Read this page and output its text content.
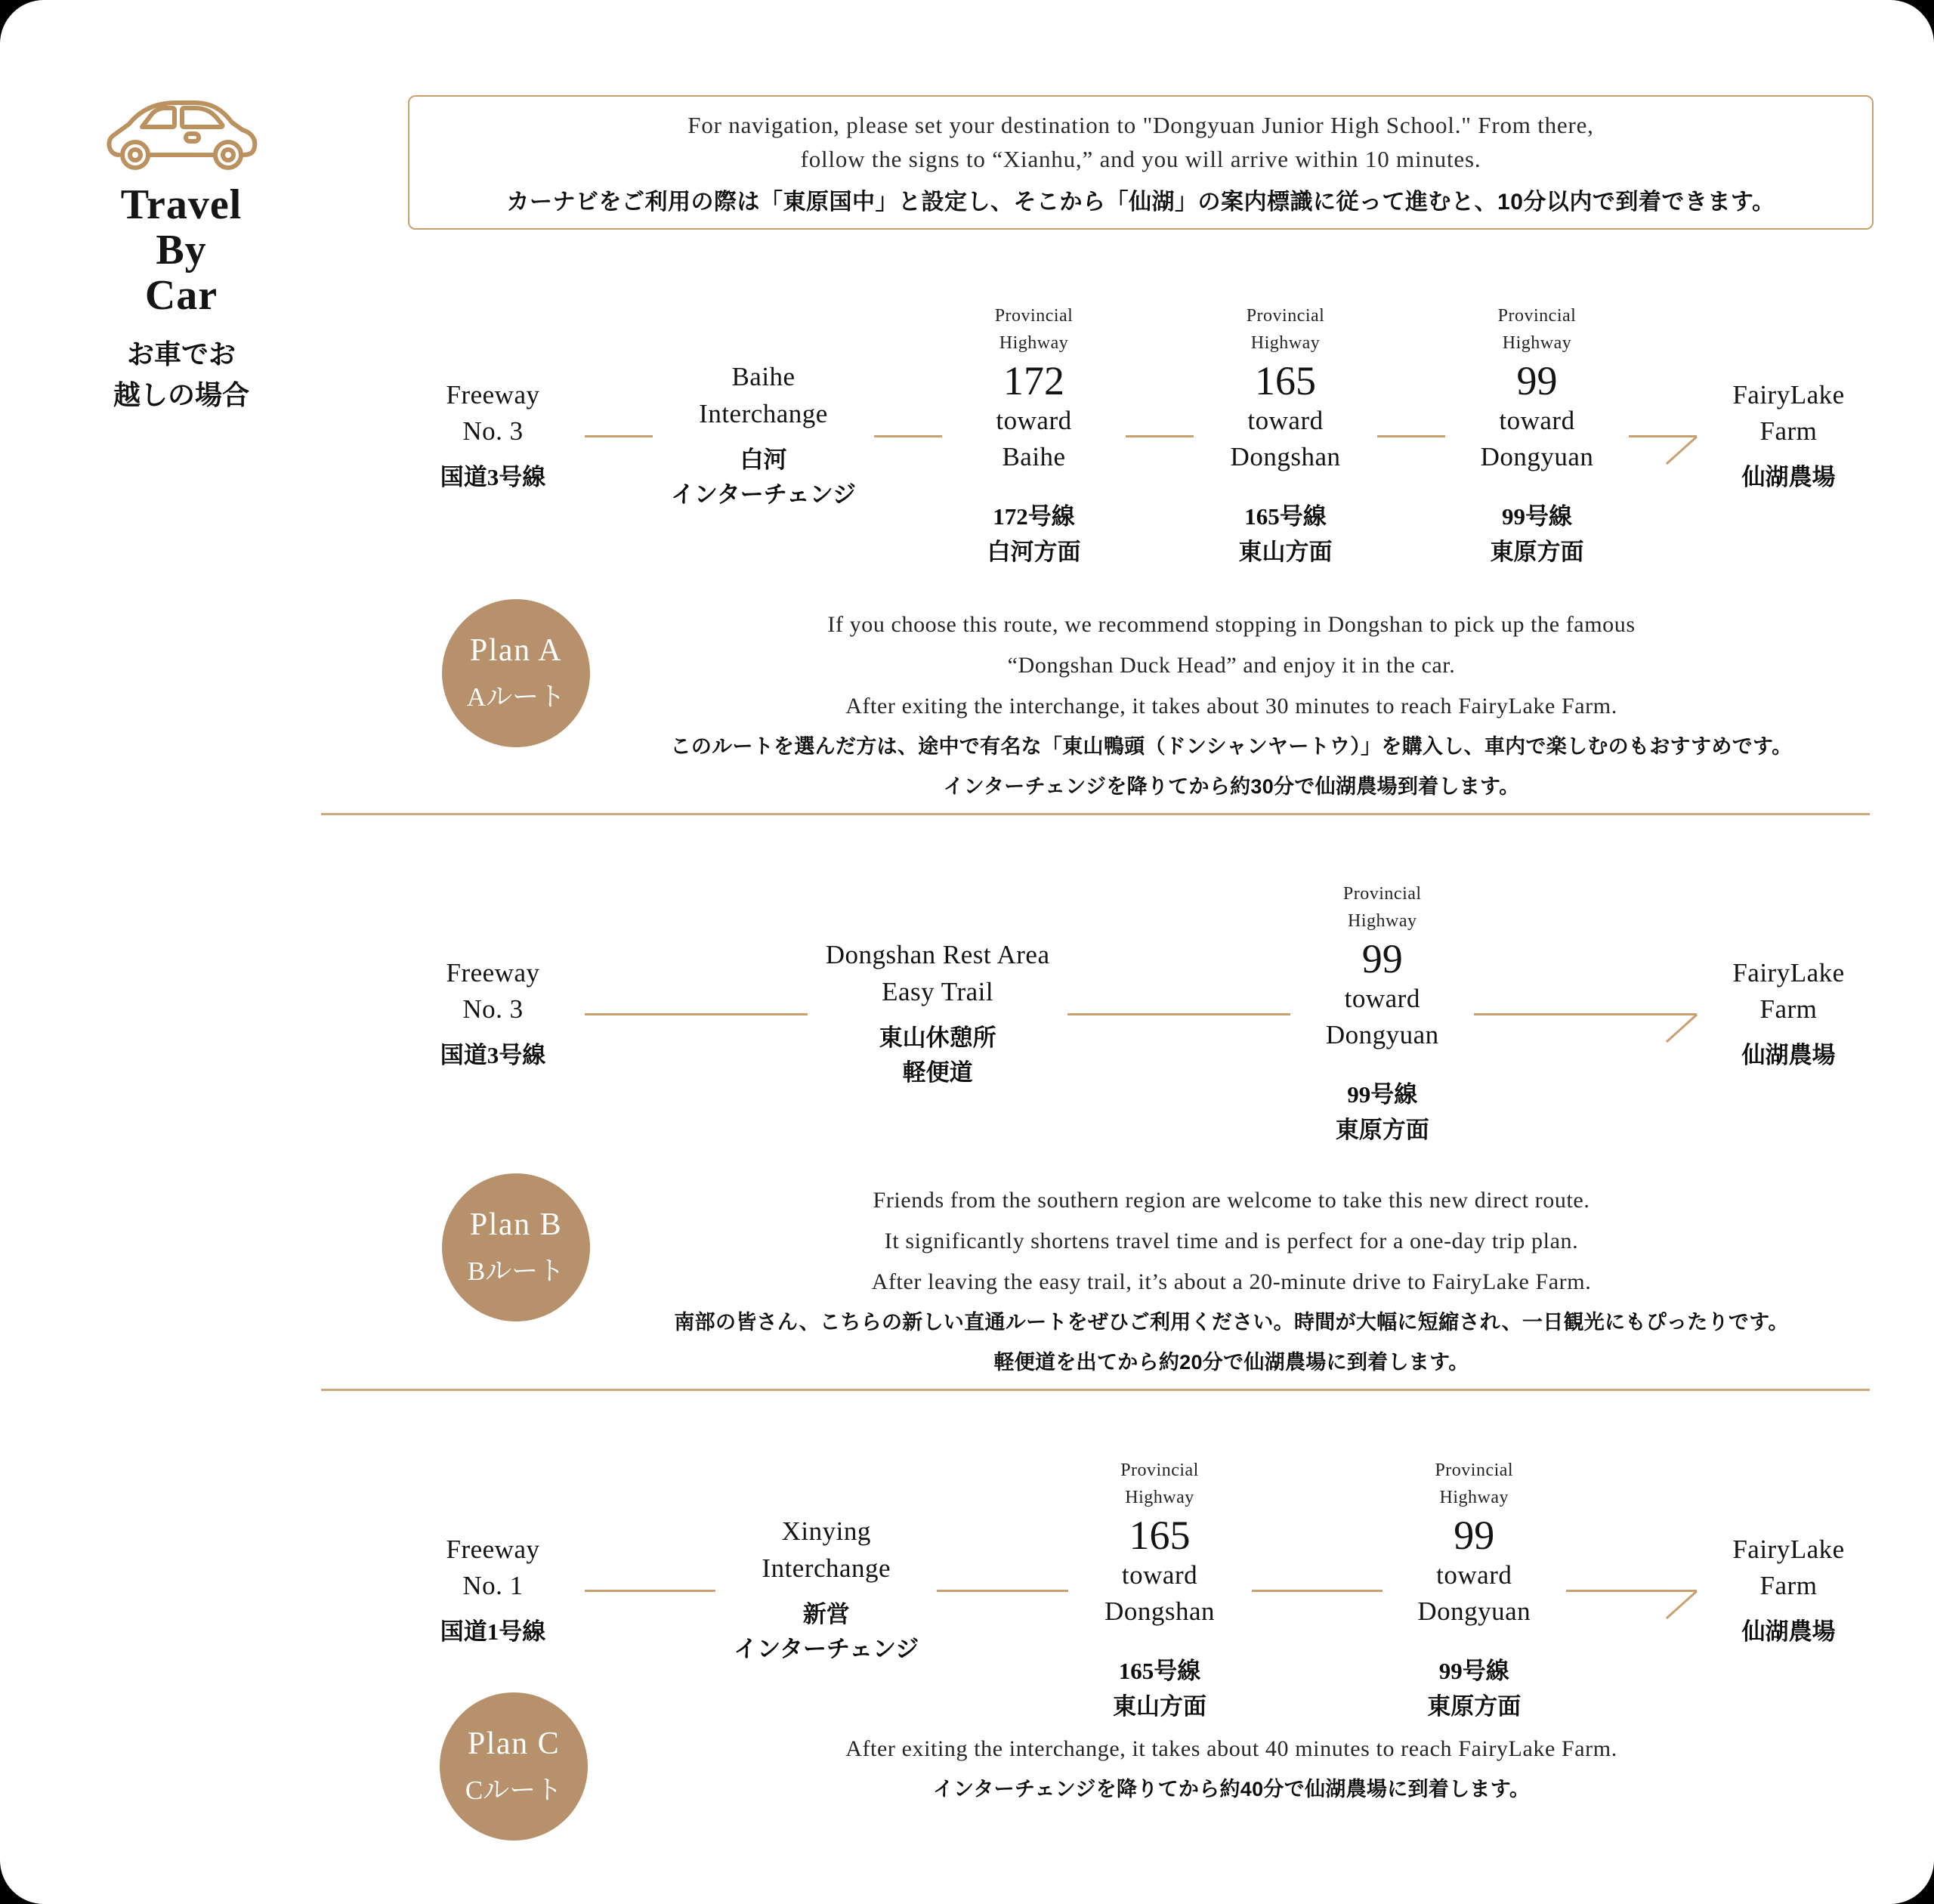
Travel
By
Car
お車でお
越しの場合
For navigation, please set your destination to "Dongyuan Junior High School." From there,
follow the signs to “Xianhu,” and you will arrive within 10 minutes.
カーナビをご利用の際は「東原国中」と設定し、そこから「仙湖」の案内標識に従って進むと、10分以内で到着できます。
Freeway
No. 3
国道3号線
Baihe
Interchange
白河
インターチェンジ
Provincial
Highway
172
toward
Baihe
172号線
白河方面
Provincial
Highway
165
toward
Dongshan
165号線
東山方面
Provincial
Highway
99
toward
Dongyuan
99号線
東原方面
FairyLake
Farm
仙湖農場
Plan A
Aルート
If you choose this route, we recommend stopping in Dongshan to pick up the famous
“Dongshan Duck Head” and enjoy it in the car.
After exiting the interchange, it takes about 30 minutes to reach FairyLake Farm.
このルートを選んだ方は、途中で有名な「東山鴨頭（ドンシャンヤートウ）」を購入し、車内で楽しむのもおすすめです。
インターチェンジを降りてから約30分で仙湖農場到着します。
Freeway
No. 3
国道3号線
Dongshan Rest Area
Easy Trail
東山休憩所
軽便道
Provincial
Highway
99
toward
Dongyuan
99号線
東原方面
FairyLake
Farm
仙湖農場
Plan B
Bルート
Friends from the southern region are welcome to take this new direct route.
It significantly shortens travel time and is perfect for a one-day trip plan.
After leaving the easy trail, it’s about a 20-minute drive to FairyLake Farm.
南部の皆さん、こちらの新しい直通ルートをぜひご利用ください。時間が大幅に短縮され、一日観光にもぴったりです。
軽便道を出てから約20分で仙湖農場に到着します。
Freeway
No. 1
国道1号線
Xinying
Interchange
新営
インターチェンジ
Provincial
Highway
165
toward
Dongshan
165号線
東山方面
Provincial
Highway
99
toward
Dongyuan
99号線
東原方面
FairyLake
Farm
仙湖農場
Plan C
Cルート
After exiting the interchange, it takes about 40 minutes to reach FairyLake Farm.
インターチェンジを降りてから約40分で仙湖農場に到着します。
